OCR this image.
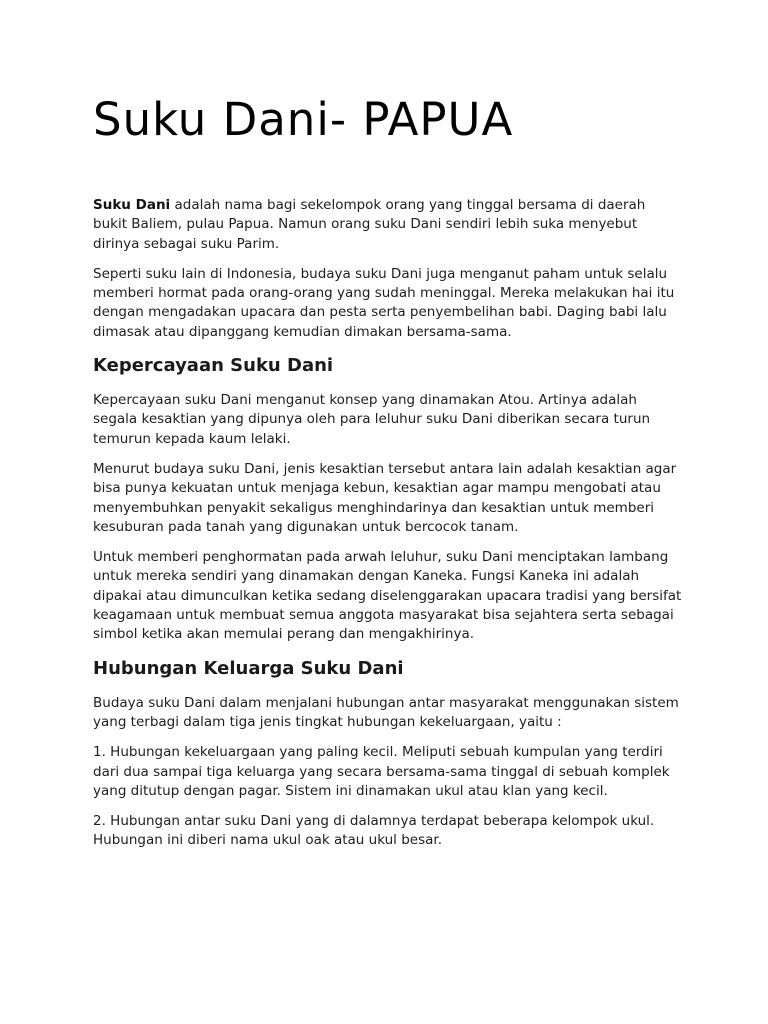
Suku Dani- PAPUA

Suku Dani adalah nama bagi sekelompok orang yang tinggal bersama di daerah bukit Baliem, pulau Papua. Namun orang suku Dani sendiri lebih suka menyebut dirinya sebagai suku Parim.

Seperti suku lain di Indonesia, budaya suku Dani juga menganut paham untuk selalu memberi hormat pada orang-orang yang sudah meninggal. Mereka melakukan hai itu dengan mengadakan upacara dan pesta serta penyembelihan babi. Daging babi lalu dimasak atau dipanggang kemudian dimakan bersama-sama.

Kepercayaan Suku Dani

Kepercayaan suku Dani menganut konsep yang dinamakan Atou. Artinya adalah segala kesaktian yang dipunya oleh para leluhur suku Dani diberikan secara turun temurun kepada kaum lelaki.

Menurut budaya suku Dani, jenis kesaktian tersebut antara lain adalah kesaktian agar bisa punya kekuatan untuk menjaga kebun, kesaktian agar mampu mengobati atau menyembuhkan penyakit sekaligus menghindarinya dan kesaktian untuk memberi kesuburan pada tanah yang digunakan untuk bercocok tanam.

Untuk memberi penghormatan pada arwah leluhur, suku Dani menciptakan lambang untuk mereka sendiri yang dinamakan dengan Kaneka. Fungsi Kaneka ini adalah dipakai atau dimunculkan ketika sedang diselenggarakan upacara tradisi yang bersifat keagamaan untuk membuat semua anggota masyarakat bisa sejahtera serta sebagai simbol ketika akan memulai perang dan mengakhirinya.

Hubungan Keluarga Suku Dani

Budaya suku Dani dalam menjalani hubungan antar masyarakat menggunakan sistem yang terbagi dalam tiga jenis tingkat hubungan kekeluargaan, yaitu :

1. Hubungan kekeluargaan yang paling kecil. Meliputi sebuah kumpulan yang terdiri dari dua sampai tiga keluarga yang secara bersama-sama tinggal di sebuah komplek yang ditutup dengan pagar. Sistem ini dinamakan ukul atau klan yang kecil.

2. Hubungan antar suku Dani yang di dalamnya terdapat beberapa kelompok ukul. Hubungan ini diberi nama ukul oak atau ukul besar.
